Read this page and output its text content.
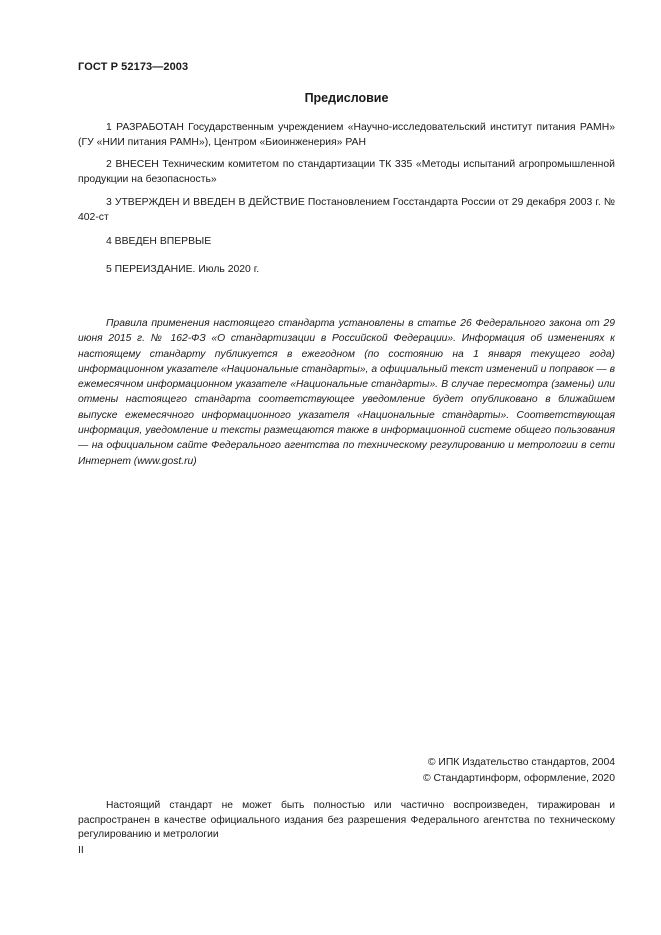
ГОСТ Р 52173—2003
Предисловие

1 РАЗРАБОТАН Государственным учреждением «Научно-исследовательский институт питания РАМН» (ГУ «НИИ питания РАМН»), Центром «Биоинженерия» РАН

2 ВНЕСЕН Техническим комитетом по стандартизации ТК 335 «Методы испытаний агропромышленной продукции на безопасность»

3 УТВЕРЖДЕН И ВВЕДЕН В ДЕЙСТВИЕ Постановлением Госстандарта России от 29 декабря 2003 г. № 402-ст

4 ВВЕДЕН ВПЕРВЫЕ

5 ПЕРЕИЗДАНИЕ. Июль 2020 г.

Правила применения настоящего стандарта установлены в статье 26 Федерального закона от 29 июня 2015 г. № 162-ФЗ «О стандартизации в Российской Федерации». Информация об изменениях к настоящему стандарту публикуется в ежегодном (по состоянию на 1 января текущего года) информационном указателе «Национальные стандарты», а официальный текст изменений и поправок — в ежемесячном информационном указателе «Национальные стандарты». В случае пересмотра (замены) или отмены настоящего стандарта соответствующее уведомление будет опубликовано в ближайшем выпуске ежемесячного информационного указателя «Национальные стандарты». Соответствующая информация, уведомление и тексты размещаются также в информационной системе общего пользования — на официальном сайте Федерального агентства по техническому регулированию и метрологии в сети Интернет (www.gost.ru)

© ИПК Издательство стандартов, 2004
© Стандартинформ, оформление, 2020

Настоящий стандарт не может быть полностью или частично воспроизведен, тиражирован и распространен в качестве официального издания без разрешения Федерального агентства по техническому регулированию и метрологии

II
